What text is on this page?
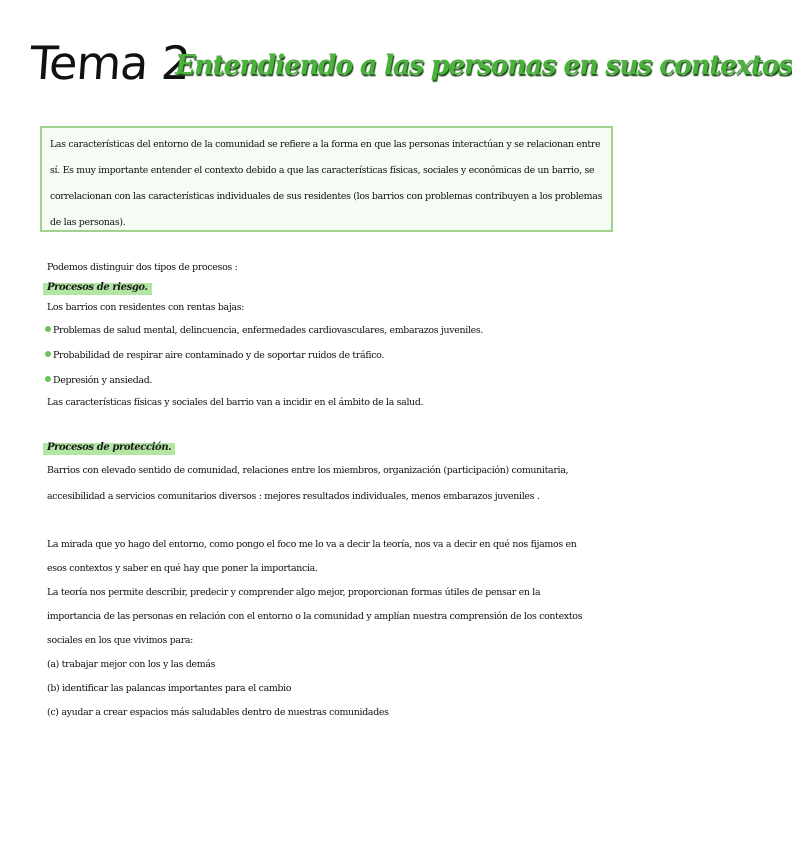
Tema 2
Entendiendo a las personas en sus contextos
Las características del entorno de la comunidad se refiere a la forma en que las personas interactúan y se relacionan entre sí. Es muy importante entender el contexto debido a que las características físicas, sociales y económicas de un barrio, se correlacionan con las características individuales de sus residentes (los barrios con problemas contribuyen a los problemas de las personas).
Podemos distinguir dos tipos de procesos :
Procesos de riesgo.
Los barrios con residentes con rentas bajas:
Problemas de salud mental, delincuencia, enfermedades cardiovasculares, embarazos juveniles.
Probabilidad de respirar aire contaminado y de soportar ruidos de tráfico.
Depresión y ansiedad.
Las características físicas y sociales del barrio van a incidir en el ámbito de la salud.
Procesos de protección.
Barrios con elevado sentido de comunidad, relaciones entre los miembros, organización (participación) comunitaria,
accesibilidad a servicios comunitarios diversos : mejores resultados individuales, menos embarazos juveniles .
La mirada que yo hago del entorno, como pongo el foco me lo va a decir la teoría, nos va a decir en qué nos fijamos en
esos contextos y saber en qué hay que poner la importancia.
La teoría nos permite describir, predecir y comprender algo mejor, proporcionan formas útiles de pensar en la
importancia de las personas en relación con el entorno o la comunidad y amplían nuestra comprensión de los contextos
sociales en los que vivimos para:
(a) trabajar mejor con los y las demás
(b) identificar las palancas importantes para el cambio
(c) ayudar a crear espacios más saludables dentro de nuestras comunidades
